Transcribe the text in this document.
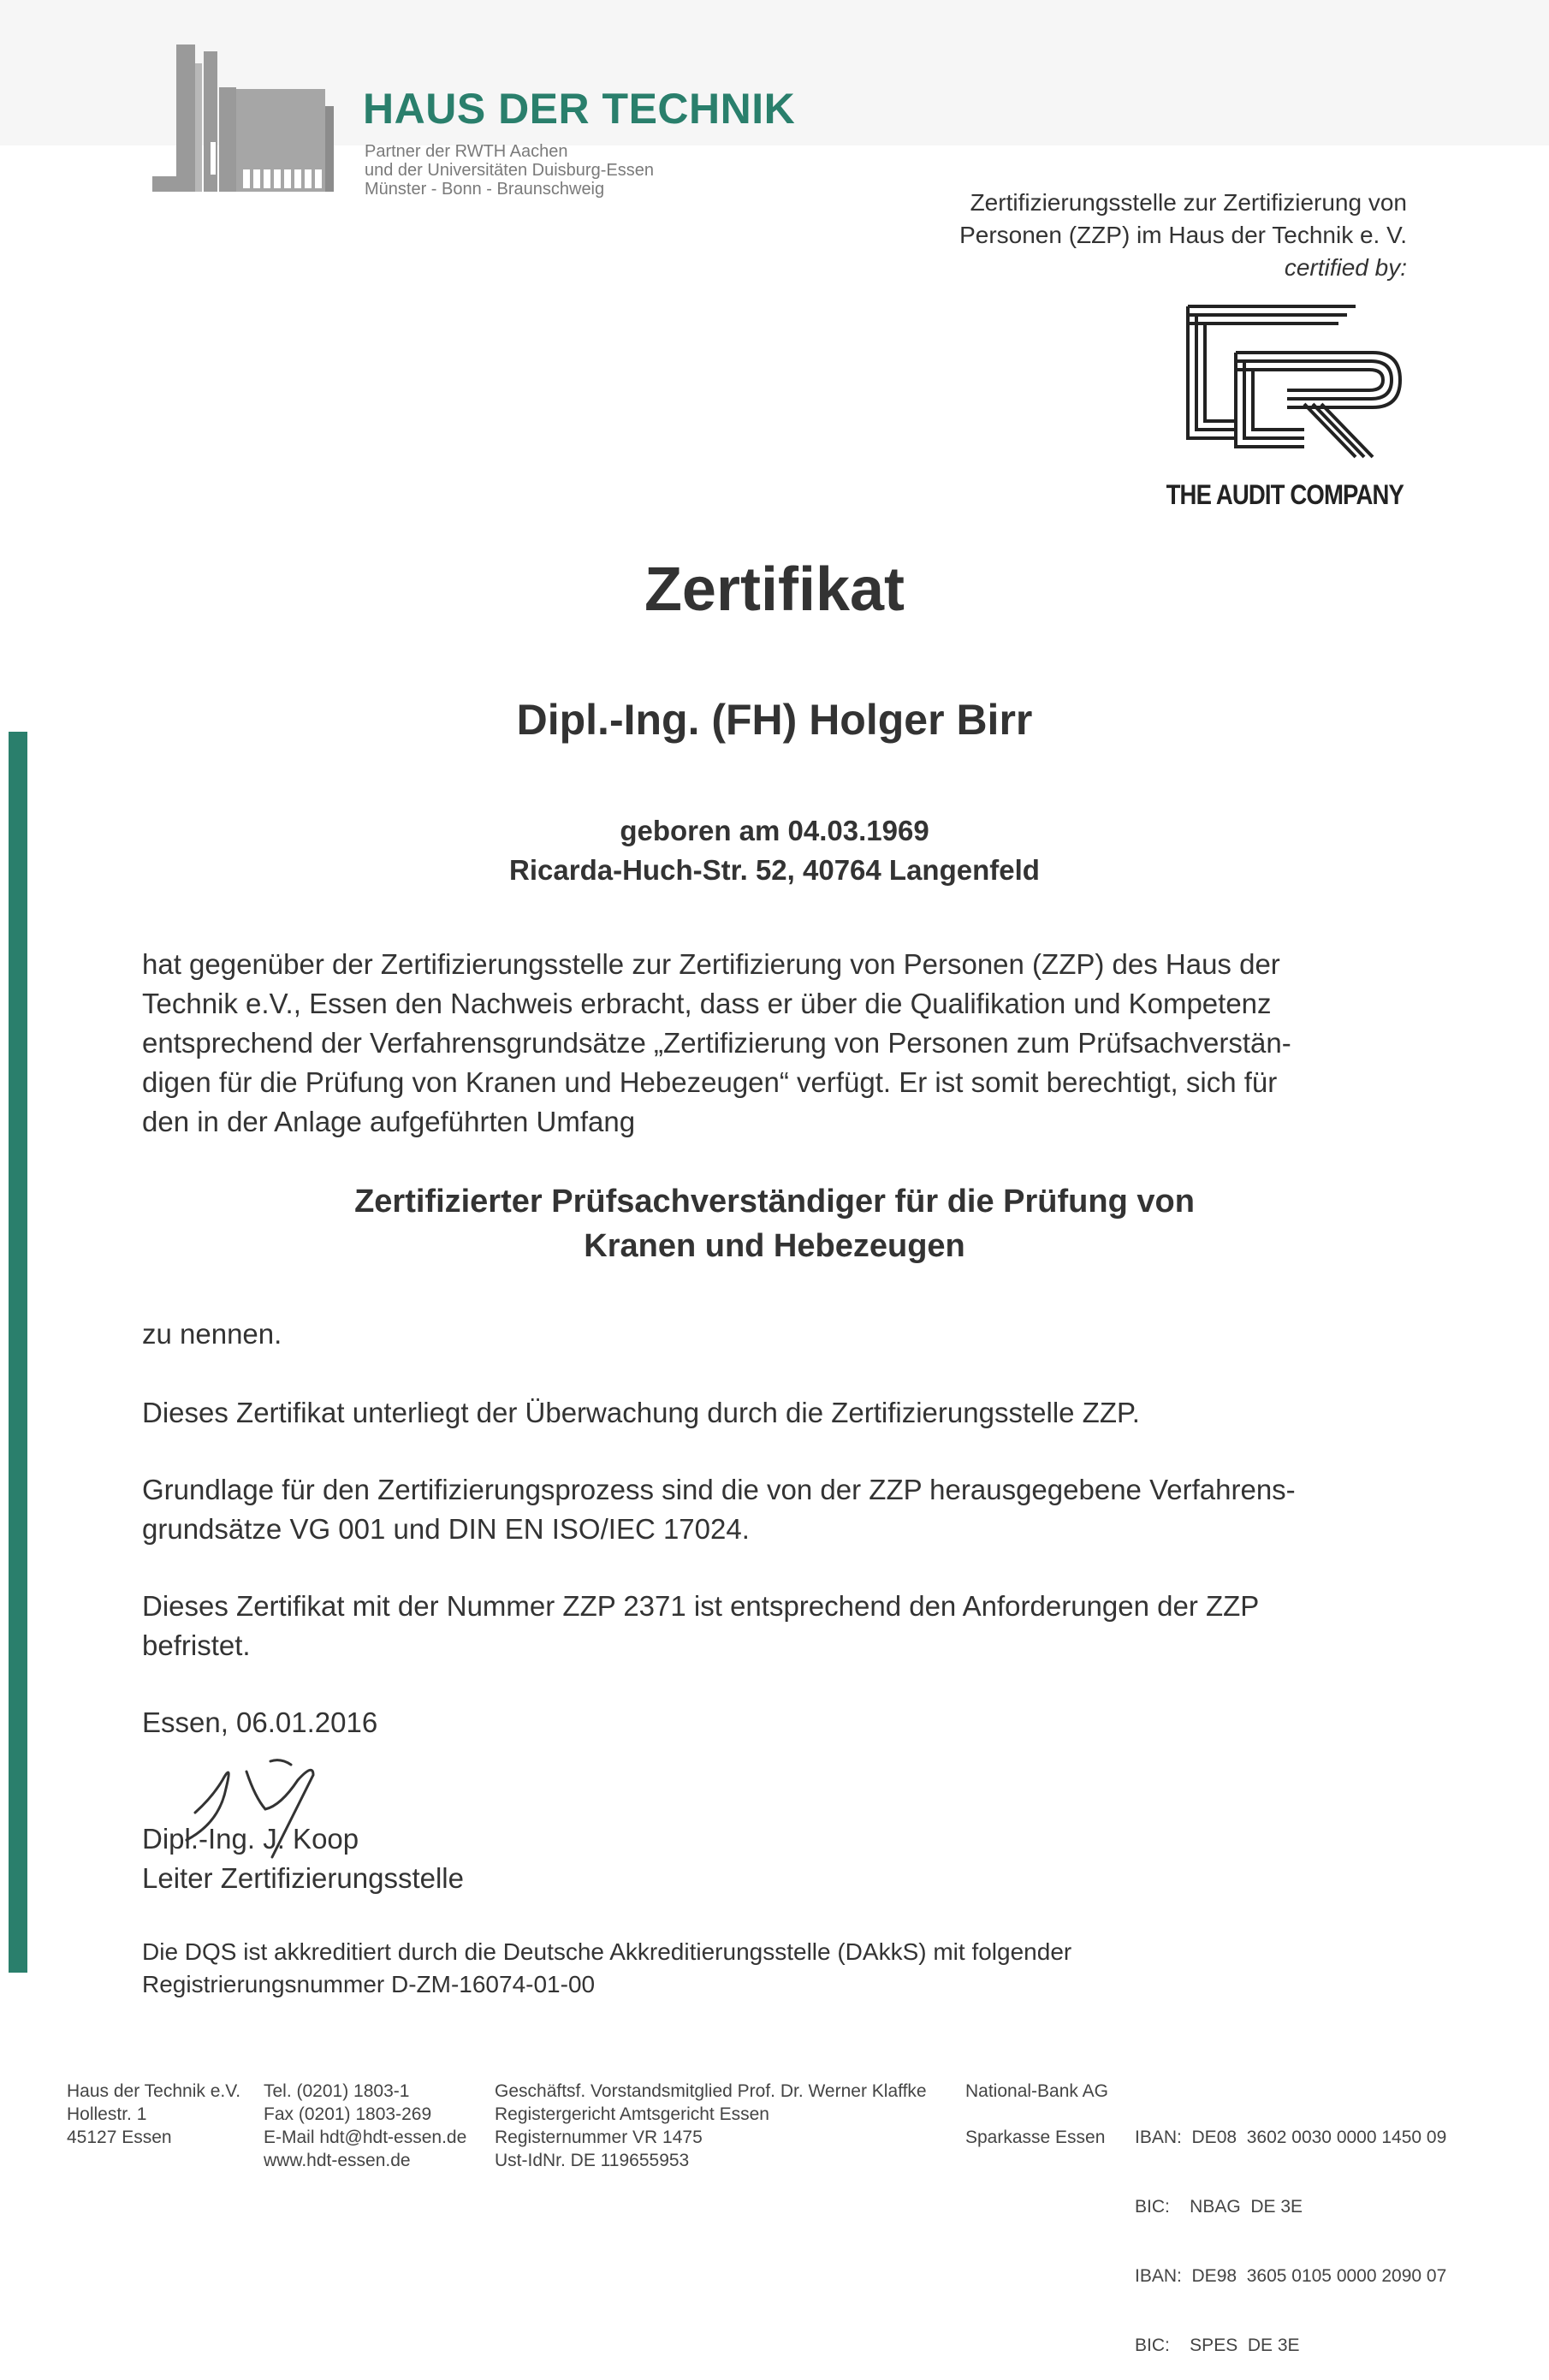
HAUS DER TECHNIK
Partner der RWTH Aachen
und der Universitäten Duisburg-Essen
Münster - Bonn - Braunschweig	Zertifizierungsstelle zur Zertifizierung von
Personen (ZZP) im Haus der Technik e. V.
certified by:
THE AUDIT COMPANY
Zertifikat
Dipl.-Ing. (FH) Holger Birr
geboren am 04.03.1969
Ricarda-Huch-Str. 52, 40764 Langenfeld
hat gegenüber der Zertifizierungsstelle zur Zertifizierung von Personen (ZZP) des Haus der
Technik e.V., Essen den Nachweis erbracht, dass er über die Qualifikation und Kompetenz
entsprechend der Verfahrensgrundsätze „Zertifizierung von Personen zum Prüfsachverstän-
digen für die Prüfung von Kranen und Hebezeugen“ verfügt. Er ist somit berechtigt, sich für
den in der Anlage aufgeführten Umfang
Zertifizierter Prüfsachverständiger für die Prüfung von
Kranen und Hebezeugen
zu nennen.
Dieses Zertifikat unterliegt der Überwachung durch die Zertifizierungsstelle ZZP.
Grundlage für den Zertifizierungsprozess sind die von der ZZP herausgegebene Verfahrens-
grundsätze VG 001 und DIN EN ISO/IEC 17024.
Dieses Zertifikat mit der Nummer ZZP 2371 ist entsprechend den Anforderungen der ZZP
befristet.
Essen, 06.01.2016
Dipl.-Ing. J. Koop
Leiter Zertifizierungsstelle
Die DQS ist akkreditiert durch die Deutsche Akkreditierungsstelle (DAkkS) mit folgender
Registrierungsnummer D-ZM-16074-01-00
Haus der Technik e.V.
Hollestr. 1
45127 Essen
Tel. (0201) 1803-1
Fax (0201) 1803-269
E-Mail hdt@hdt-essen.de
www.hdt-essen.de
Geschäftsf. Vorstandsmitglied Prof. Dr. Werner Klaffke
Registergericht Amtsgericht Essen
Registernummer VR 1475
Ust-IdNr. DE 119655953
National-Bank AG

Sparkasse Essen

IBAN:  DE08  3602 0030 0000 1450 09

BIC:    NBAG  DE 3E

IBAN:  DE98  3605 0105 0000 2090 07

BIC:    SPES  DE 3E
